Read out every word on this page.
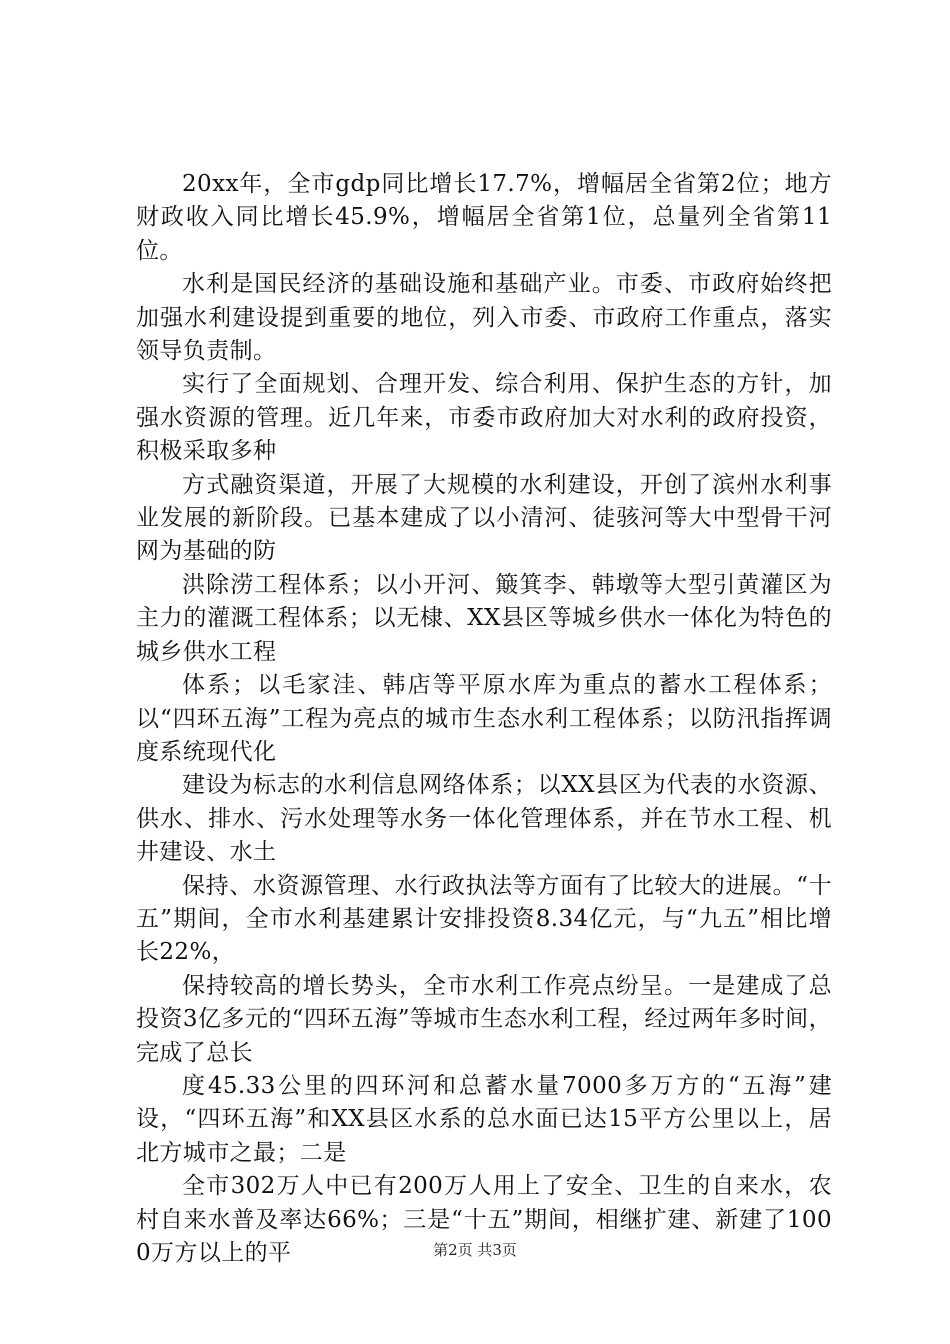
20xx年，全市gdp同比增长17.7%，增幅居全省第2位；地方财政收入同比增长45.9%，增幅居全省第1位，总量列全省第11位。

水利是国民经济的基础设施和基础产业。市委、市政府始终把加强水利建设提到重要的地位，列入市委、市政府工作重点，落实领导负责制。

实行了全面规划、合理开发、综合利用、保护生态的方针，加强水资源的管理。近几年来，市委市政府加大对水利的政府投资，积极采取多种

方式融资渠道，开展了大规模的水利建设，开创了滨州水利事业发展的新阶段。已基本建成了以小清河、徒骇河等大中型骨干河网为基础的防

洪除涝工程体系；以小开河、簸箕李、韩墩等大型引黄灌区为主力的灌溉工程体系；以无棣、XX县区等城乡供水一体化为特色的城乡供水工程

体系；以毛家洼、韩店等平原水库为重点的蓄水工程体系；以“四环五海”工程为亮点的城市生态水利工程体系；以防汛指挥调度系统现代化

建设为标志的水利信息网络体系；以XX县区为代表的水资源、供水、排水、污水处理等水务一体化管理体系，并在节水工程、机井建设、水土

保持、水资源管理、水行政执法等方面有了比较大的进展。“十五”期间，全市水利基建累计安排投资8.34亿元，与“九五”相比增长22%，

保持较高的增长势头，全市水利工作亮点纷呈。一是建成了总投资3亿多元的“四环五海”等城市生态水利工程，经过两年多时间，完成了总长

度45.33公里的四环河和总蓄水量7000多万方的“五海”建设，“四环五海”和XX县区水系的总水面已达15平方公里以上，居北方城市之最；二是

全市302万人中已有200万人用上了安全、卫生的自来水，农村自来水普及率达66%；三是“十五”期间，相继扩建、新建了1000万方以上的平	第2页 共3页
